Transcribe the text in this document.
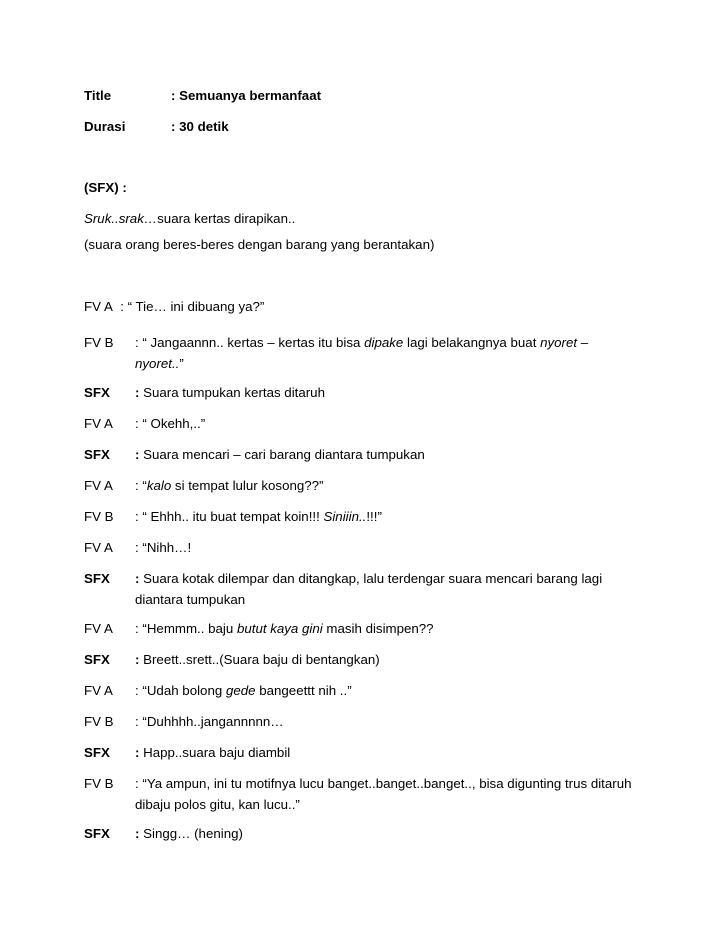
Title	: Semuanya bermanfaat
Durasi	: 30 detik
(SFX) :
Sruk..srak…suara kertas dirapikan..
(suara orang beres-beres dengan barang yang berantakan)
FV A : “ Tie… ini dibuang ya?”
FV B	: “ Jangaannn.. kertas – kertas itu bisa dipake lagi belakangnya buat nyoret –
nyoret..”
SFX	: Suara tumpukan kertas ditaruh
FV A	: “ Okehh,..”
SFX	: Suara mencari – cari barang diantara tumpukan
FV A	: “kalo si tempat lulur kosong??”
FV B	: “ Ehhh.. itu buat tempat koin!!! Siniiin..!!!”
FV A	: “Nihh…!
SFX	: Suara kotak dilempar dan ditangkap, lalu terdengar suara mencari barang lagi diantara tumpukan
FV A	: “Hemmm.. baju butut kaya gini masih disimpen??
SFX	: Breett..srett..(Suara baju di bentangkan)
FV A	: “Udah bolong gede bangeettt nih ..”
FV B	: “Duhhhh..jangannnnn…
SFX	: Happ..suara baju diambil
FV B	: “Ya ampun, ini tu motifnya lucu banget..banget..banget.., bisa digunting trus ditaruh dibaju polos gitu, kan lucu..”
SFX	: Singg… (hening)
